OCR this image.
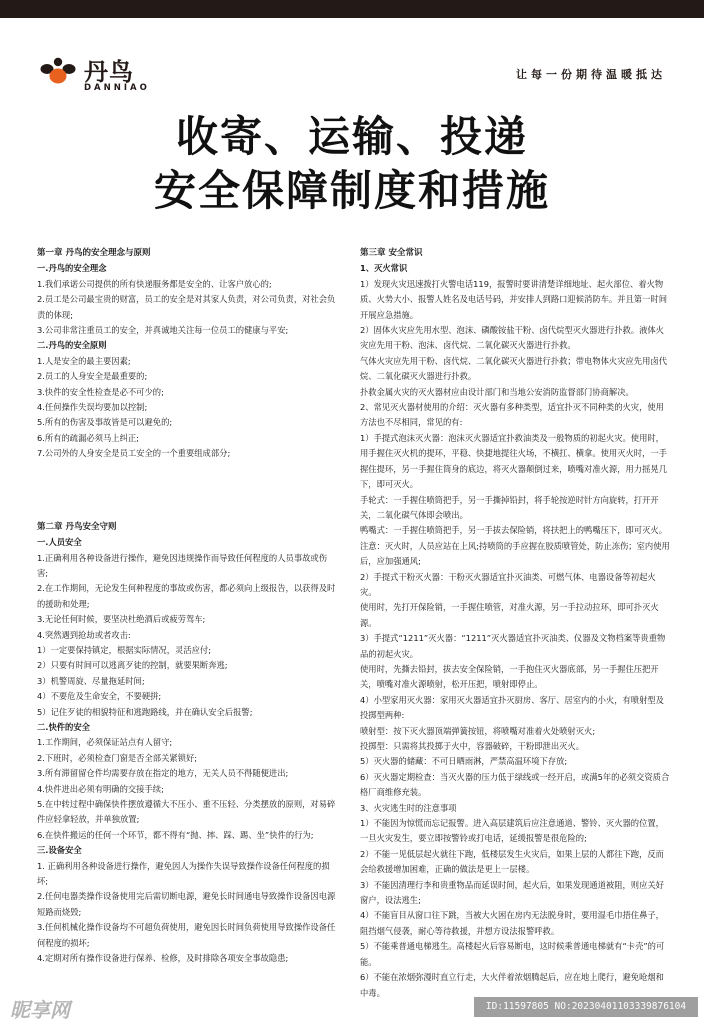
丹鸟
DANNIAO
让每一份期待温暖抵达
收寄、运输、投递
安全保障制度和措施
第一章 丹鸟的安全理念与原则
一.丹鸟的安全理念
1.我们承诺公司提供的所有快递服务都是安全的、让客户放心的;
2.员工是公司最宝贵的财富，员工的安全是对其家人负责，对公司负责，对社会负责的体现;
3.公司非常注重员工的安全，并真诚地关注每一位员工的健康与平安;
二.丹鸟的安全原则
1.人是安全的最主要因素;
2.员工的人身安全是最重要的;
3.快件的安全性检查是必不可少的;
4.任何操作失误均要加以控制;
5.所有的伤害及事故皆是可以避免的;
6.所有的疏漏必须马上纠正;
7.公司外的人身安全是员工安全的一个重要组成部分;
第二章 丹鸟安全守则
一.人员安全
1.正确利用各种设备进行操作，避免因违规操作而导致任何程度的人员事故或伤害;
2.在工作期间，无论发生何种程度的事故或伤害，都必须向上级报告，以获得及时的援助和处理;
3.无论任何时候，要坚决杜绝酒后或疲劳驾车;
4.突然遇到抢劫或者攻击:
1）一定要保持镇定，根据实际情况，灵活应付;
2）只要有时间可以逃离歹徒的控制，就要果断奔逃;
3）机警周旋、尽量拖延时间;
4）不要危及生命安全，不要硬拼;
5）记住歹徒的相貌特征和逃跑路线，并在确认安全后报警;
二.快件的安全
1.工作期间，必须保证站点有人留守;
2.下班时，必须检查门窗是否全部关紧锁好;
3.所有滞留留仓件均需要存放在指定的地方，无关人员不得随便进出;
4.快件进出必须有明确的交接手续;
5.在中转过程中确保快件摆放遵循大不压小、重不压轻、分类摆放的原则，对易碎件应轻拿轻放，并单独放置;
6.在快件搬运的任何一个环节，都不得有“抛、摔、踩、踢、坐”快件的行为;
三.设备安全
1. 正确利用各种设备进行操作，避免因人为操作失误导致操作设备任何程度的损坏;
2.任何电器类操作设备使用完后需切断电源，避免长时间通电导致操作设备因电源短路而烧毁;
3.任何机械化操作设备均不可超负荷使用，避免因长时间负荷使用导致操作设备任何程度的损坏;
4.定期对所有操作设备进行保养、检修，及时排除各项安全事故隐患;
第三章 安全常识
1、灭火常识
1）发现火灾迅速拨打火警电话119，报警时要讲清楚详细地址、起火部位、着火物质、火势大小、报警人姓名及电话号码，并安排人到路口迎候消防车。并且第一时间开展应急措施。
2）固体火灾应先用水型、泡沫、磷酸铵盐干粉、卤代烷型灭火器进行扑救。液体火灾应先用干粉、泡沫、卤代烷、二氧化碳灭火器进行扑救。
气体火灾应先用干粉、卤代烷、二氧化碳灭火器进行扑救；带电物体火灾应先用卤代烷、二氧化碳灭火器进行扑救。
扑救金属火灾的灭火器材应由设计部门和当地公安消防监督部门协商解决。
2、常见灭火器材使用的介绍：灭火器有多种类型，适宜扑灭不同种类的火灾，使用方法也不尽相同，常见的有:
1）手提式泡沫灭火器：泡沫灭火器适宜扑救油类及一般物质的初起火灾。使用时，用手握住灭火机的提环，平稳、快捷地提往火场，不横扛、横拿。使用灭火时，一手握住提环，另一手握住筒身的底边，将灭火器颠倒过来，喷嘴对准火源，用力摇晃几下，即可灭火。
手轮式：一手握住喷筒把手，另一手撕掉铅封，将手轮按逆时针方向旋转，打开开关，二氧化碳气体即会喷出。
鸭嘴式：一手握住喷筒把手，另一手拔去保险销，将扶把上的鸭嘴压下，即可灭火。
注意：灭火时，人员应站在上风;持喷筒的手应握在胶质喷管处，防止冻伤；室内使用后，应加强通风;
2）手提式干粉灭火器：干粉灭火器适宜扑灭油类、可燃气体、电器设备等初起火灾。
使用时，先打开保险销，一手握住喷管，对准火源，另一手拉动拉环，即可扑灭火源。
3）手提式“1211”灭火器：“1211”灭火器适宜扑灭油类、仪器及文物档案等贵重物品的初起火灾。
使用时，先撕去铅封，拔去安全保险销，一手抱住灭火器底部，另一手握住压把开关，喷嘴对准火源喷射，松开压把，喷射即停止。
4）小型家用灭火器：家用灭火器适宜扑灭厨房、客厅、居室内的小火，有喷射型及投掷型两种:
喷射型：按下灭火器顶端弹簧按钮，将喷嘴对准着火处喷射灭火;
投掷型：只需将其投掷于火中，容器破碎，干粉即泄出灭火。
5）灭火器的储藏：不可日晒雨淋，严禁高温环境下存放;
6）灭火器定期检查：当灭火器的压力低于绿线或一经开启，或满5年的必须交资质合格厂商维修充装。
3、火灾逃生时的注意事项
1）不能因为惊慌而忘记报警。进入高层建筑后应注意通道、警铃、灭火器的位置，一旦火灾发生，要立即按警铃或打电话，延缓报警是很危险的;
2）不能一见低层起火就往下跑，低楼层发生火灾后，如果上层的人都往下跑，反而会给救援增加困难，正确的做法是更上一层楼。
3）不能因清理行李和贵重物品而延误时间，起火后，如果发现通道被阻，则应关好窗户，设法逃生;
4）不能盲目从窗口往下跳，当被大火困在房内无法脱身时，要用湿毛巾捂住鼻子，阻挡烟气侵袭，耐心等待救援，并想方设法报警呼救。
5）不能乘普通电梯逃生。高楼起火后容易断电，这时候乘普通电梯就有“卡壳”的可能。
6）不能在浓烟弥漫时直立行走，大火伴着浓烟腾起后，应在地上爬行，避免呛烟和中毒。
昵享网	ID:11597805 NO:20230401103339876104
